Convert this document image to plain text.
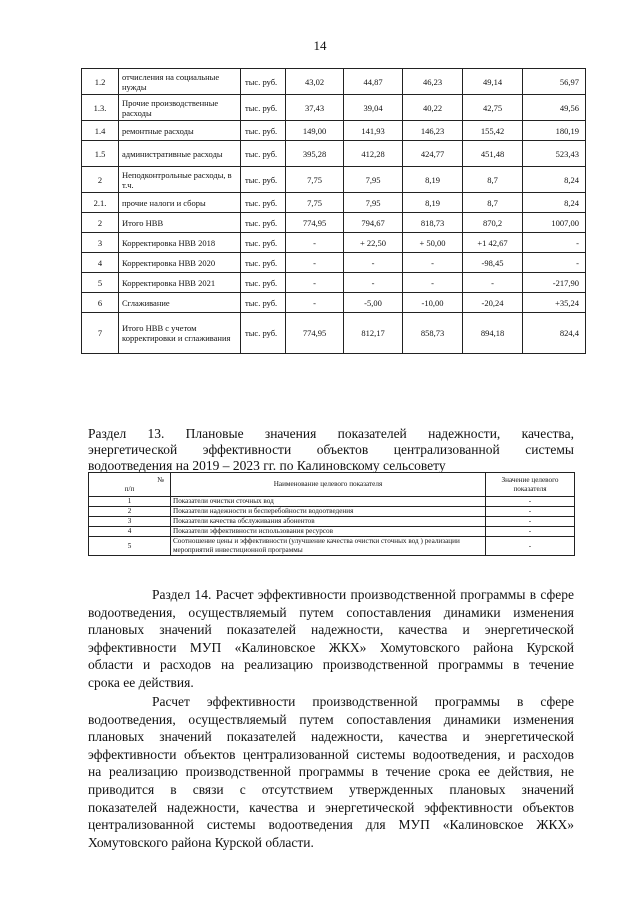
14
1.2	отчисления на социальные нужды	тыс. руб.	43,02	44,87	46,23	49,14	56,97
1.3.	Прочие производственные расходы	тыс. руб.	37,43	39,04	40,22	42,75	49,56
1.4	ремонтные расходы	тыс. руб.	149,00	141,93	146,23	155,42	180,19
1.5	административные расходы	тыс. руб.	395,28	412,28	424,77	451,48	523,43
2	Неподконтрольные расходы, в т.ч.	тыс. руб.	7,75	7,95	8,19	8,7	8,24
2.1.	прочие налоги и сборы	тыс. руб.	7,75	7,95	8,19	8,7	8,24
2	Итого НВВ	тыс. руб.	774,95	794,67	818,73	870,2	1007,00
3	Корректировка НВВ 2018	тыс. руб.	-	+ 22,50	+ 50,00	+1 42,67	-
4	Корректировка НВВ 2020	тыс. руб.	-	-	-	-98,45	-
5	Корректировка НВВ 2021	тыс. руб.	-	-	-	-	-217,90
6	Сглаживание	тыс. руб.	-	-5,00	-10,00	-20,24	+35,24
7	Итого НВВ с учетом корректировки и сглаживания	тыс. руб.	774,95	812,17	858,73	894,18	824,4
Раздел 13. Плановые значения показателей надежности, качества,
энергетической эффективности объектов централизованной системы
водоотведения на 2019 – 2023 гг. по Калиновскому сельсовету
№
п/п	Наименование целевого показателя	Значение целевого показателя
1	Показатели очистки сточных вод	-
2	Показатели надежности и бесперебойности водоотведения	-
3	Показатели качества обслуживания абонентов	-
4	Показатели эффективности использования ресурсов	-
5	Соотношение цены и эффективности (улучшение качества очистки сточных вод ) реализации мероприятий инвестиционной программы	-
Раздел 14. Расчет эффективности производственной программы в сфере
водоотведения, осуществляемый путем сопоставления динамики изменения
плановых значений показателей надежности, качества и энергетической
эффективности МУП «Калиновское ЖКХ» Хомутовского района Курской
области и расходов на реализацию производственной программы в течение
срока ее действия.
Расчет эффективности производственной программы в сфере
водоотведения, осуществляемый путем сопоставления динамики изменения
плановых значений показателей надежности, качества и энергетической
эффективности объектов централизованной системы водоотведения, и расходов
на реализацию производственной программы в течение срока ее действия, не
приводится в связи с отсутствием утвержденных плановых значений
показателей надежности, качества и энергетической эффективности объектов
централизованной системы водоотведения для МУП «Калиновское ЖКХ»
Хомутовского района Курской области.
